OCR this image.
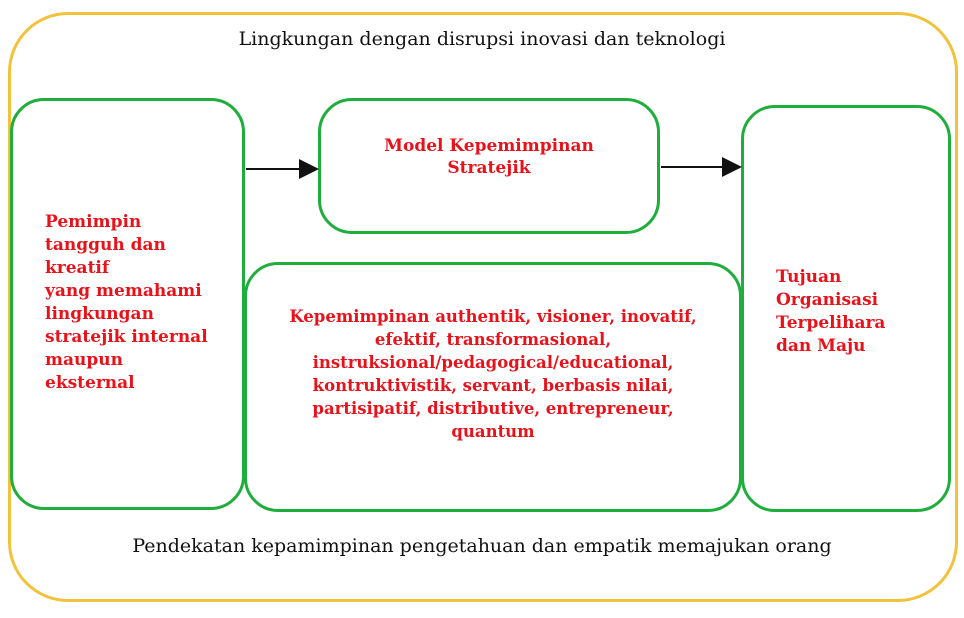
Lingkungan dengan disrupsi inovasi dan teknologi
Pemimpin
tangguh dan
kreatif
yang memahami
lingkungan
stratejik internal
maupun
eksternal
Model Kepemimpinan
Stratejik
Kepemimpinan authentik, visioner, inovatif,
efektif, transformasional,
instruksional/pedagogical/educational,
kontruktivistik, servant, berbasis nilai,
partisipatif, distributive, entrepreneur,
quantum
Tujuan
Organisasi
Terpelihara
dan Maju
Pendekatan kepamimpinan pengetahuan dan empatik memajukan orang
